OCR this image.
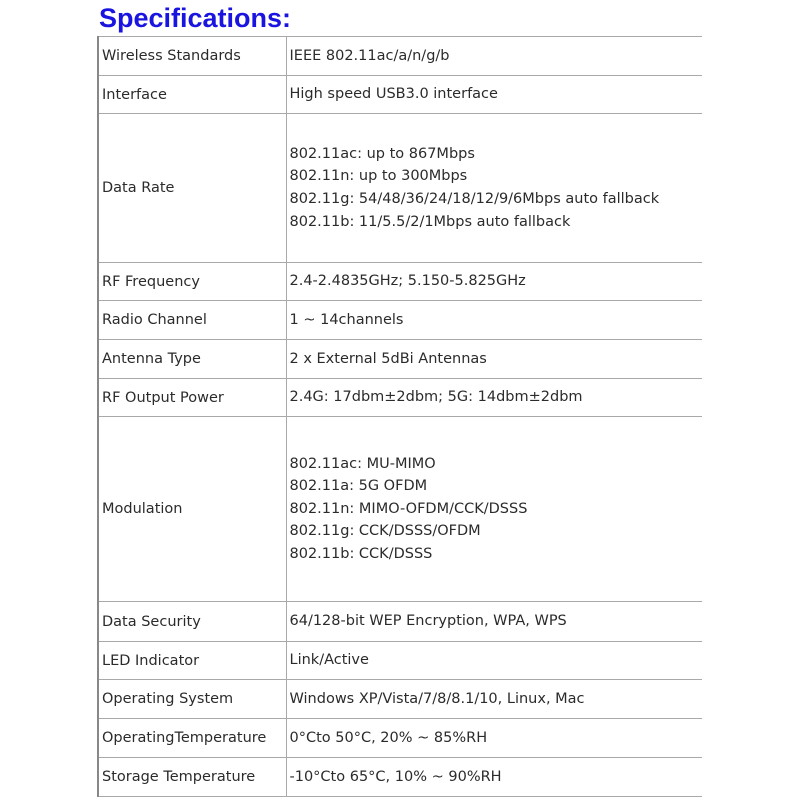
Specifications:
Wireless Standards	IEEE 802.11ac/a/n/g/b

Interface	High speed USB3.0 interface

Data Rate	802.11ac: up to 867Mbps
802.11n: up to 300Mbps
802.11g: 54/48/36/24/18/12/9/6Mbps auto fallback
802.11b: 11/5.5/2/1Mbps auto fallback

RF Frequency	2.4-2.4835GHz; 5.150-5.825GHz

Radio Channel	1 ~ 14channels

Antenna Type	2 x External 5dBi Antennas

RF Output Power	2.4G: 17dbm±2dbm; 5G: 14dbm±2dbm

Modulation	802.11ac: MU-MIMO
802.11a: 5G OFDM
802.11n: MIMO-OFDM/CCK/DSSS
802.11g: CCK/DSSS/OFDM
802.11b: CCK/DSSS

Data Security	64/128-bit WEP Encryption, WPA, WPS

LED Indicator	Link/Active

Operating System	Windows XP/Vista/7/8/8.1/10, Linux, Mac

OperatingTemperature	0°Cto 50°C, 20% ~ 85%RH

Storage Temperature	-10°Cto 65°C, 10% ~ 90%RH
